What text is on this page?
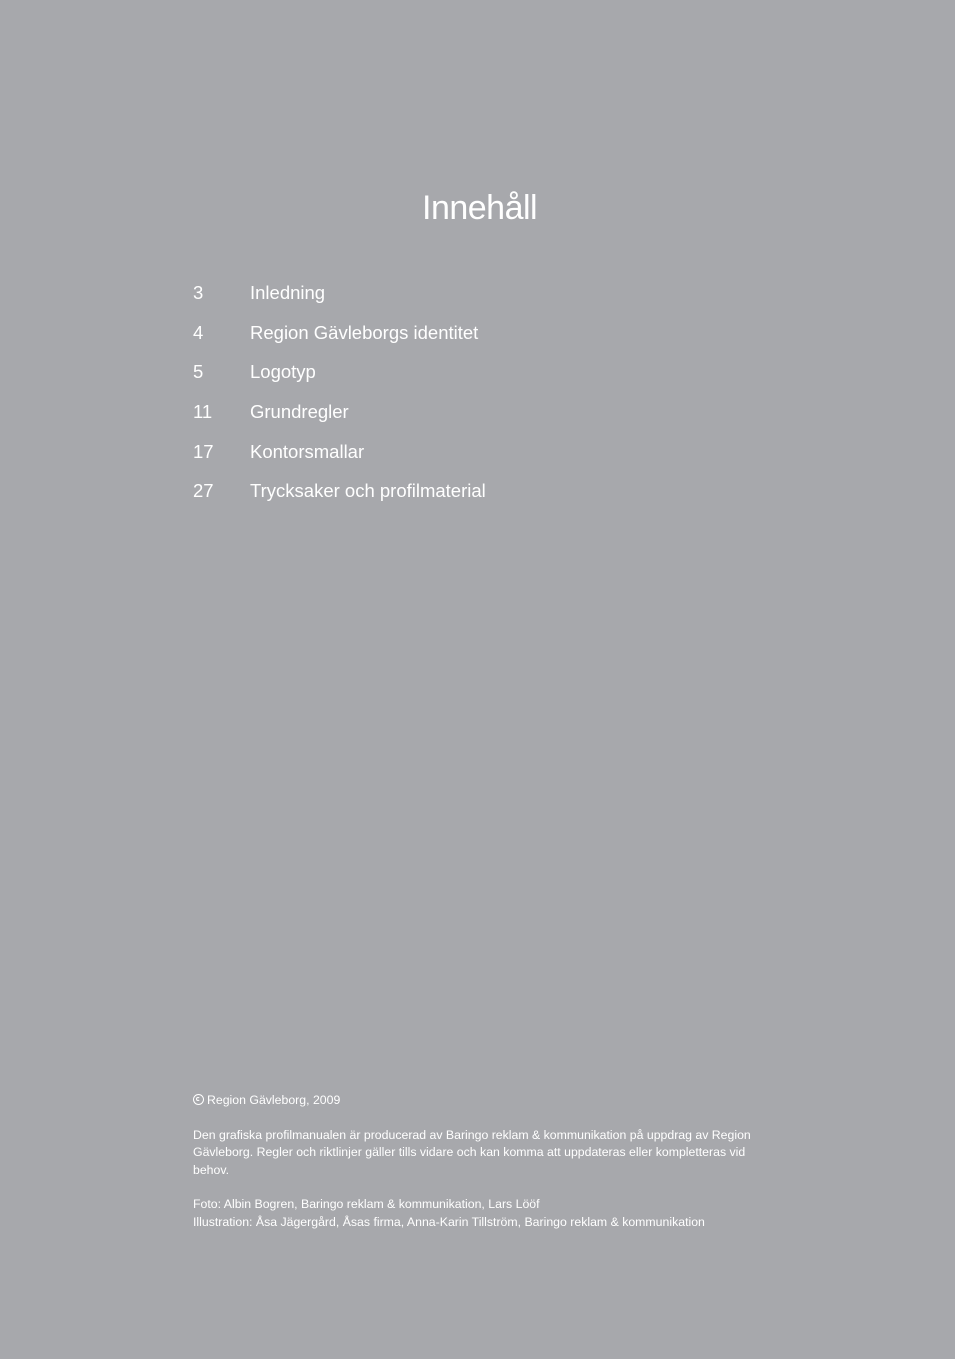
Innehåll
3	Inledning
4	Region Gävleborgs identitet
5	Logotyp
11	Grundregler
17	Kontorsmallar
27	Trycksaker och profilmaterial

Region Gävleborg, 2009

Den grafiska profilmanualen är producerad av Baringo reklam & kommunikation på uppdrag av Region Gävleborg. Regler och riktlinjer gäller tills vidare och kan komma att uppdateras eller kompletteras vid behov.

Foto: Albin Bogren, Baringo reklam & kommunikation, Lars Lööf

Illustration: Åsa Jägergård, Åsas firma, Anna-Karin Tillström, Baringo reklam & kommunikation
